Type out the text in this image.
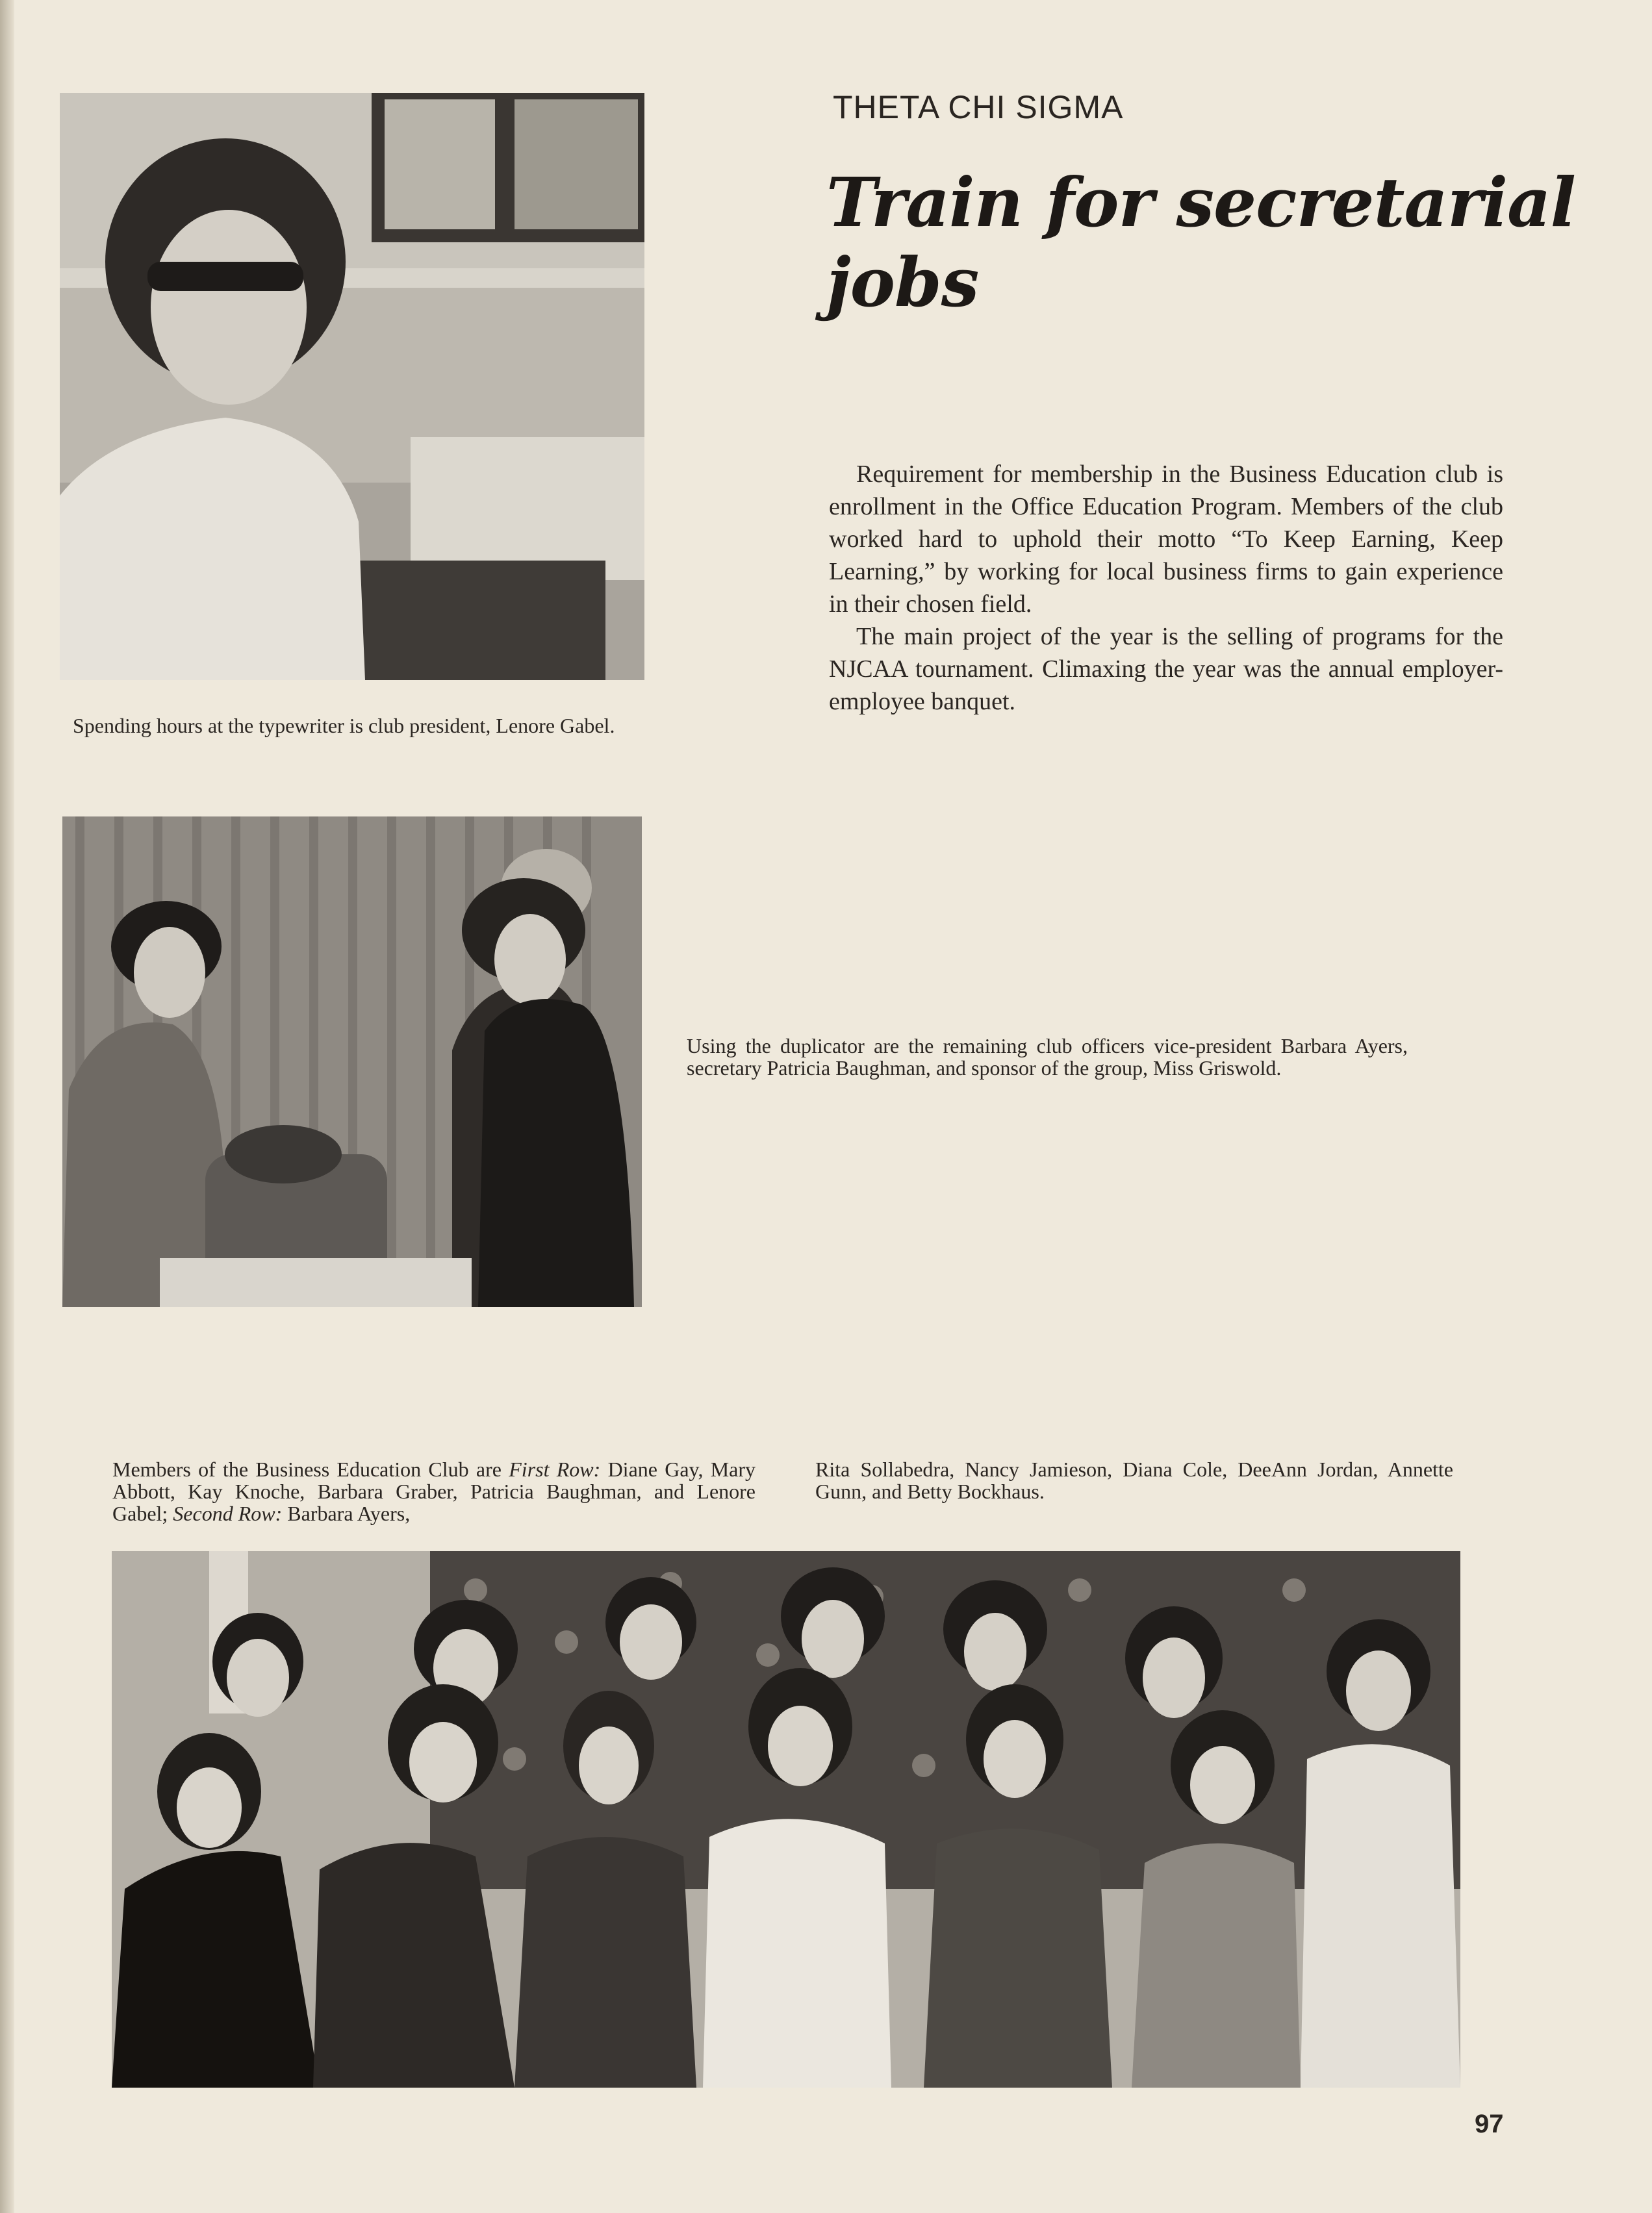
Spending hours at the typewriter is club president, Lenore Gabel.
THETA CHI SIGMA
Train for secretarial jobs

Requirement for membership in the Business Education club is enrollment in the Office Education Program. Members of the club worked hard to uphold their motto “To Keep Earning, Keep Learning,” by working for local business firms to gain experience in their chosen field.

The main project of the year is the selling of programs for the NJCAA tournament. Climaxing the year was the annual employer-employee banquet.

Using the duplicator are the remaining club officers vice-president Barbara Ayers, secretary Patricia Baughman, and sponsor of the group, Miss Griswold.
Members of the Business Education Club are First Row: Diane Gay, Mary Abbott, Kay Knoche, Barbara Graber, Patricia Baughman, and Lenore Gabel; Second Row: Barbara Ayers,
Rita Sollabedra, Nancy Jamieson, Diana Cole, DeeAnn Jordan, Annette Gunn, and Betty Bockhaus.
97
